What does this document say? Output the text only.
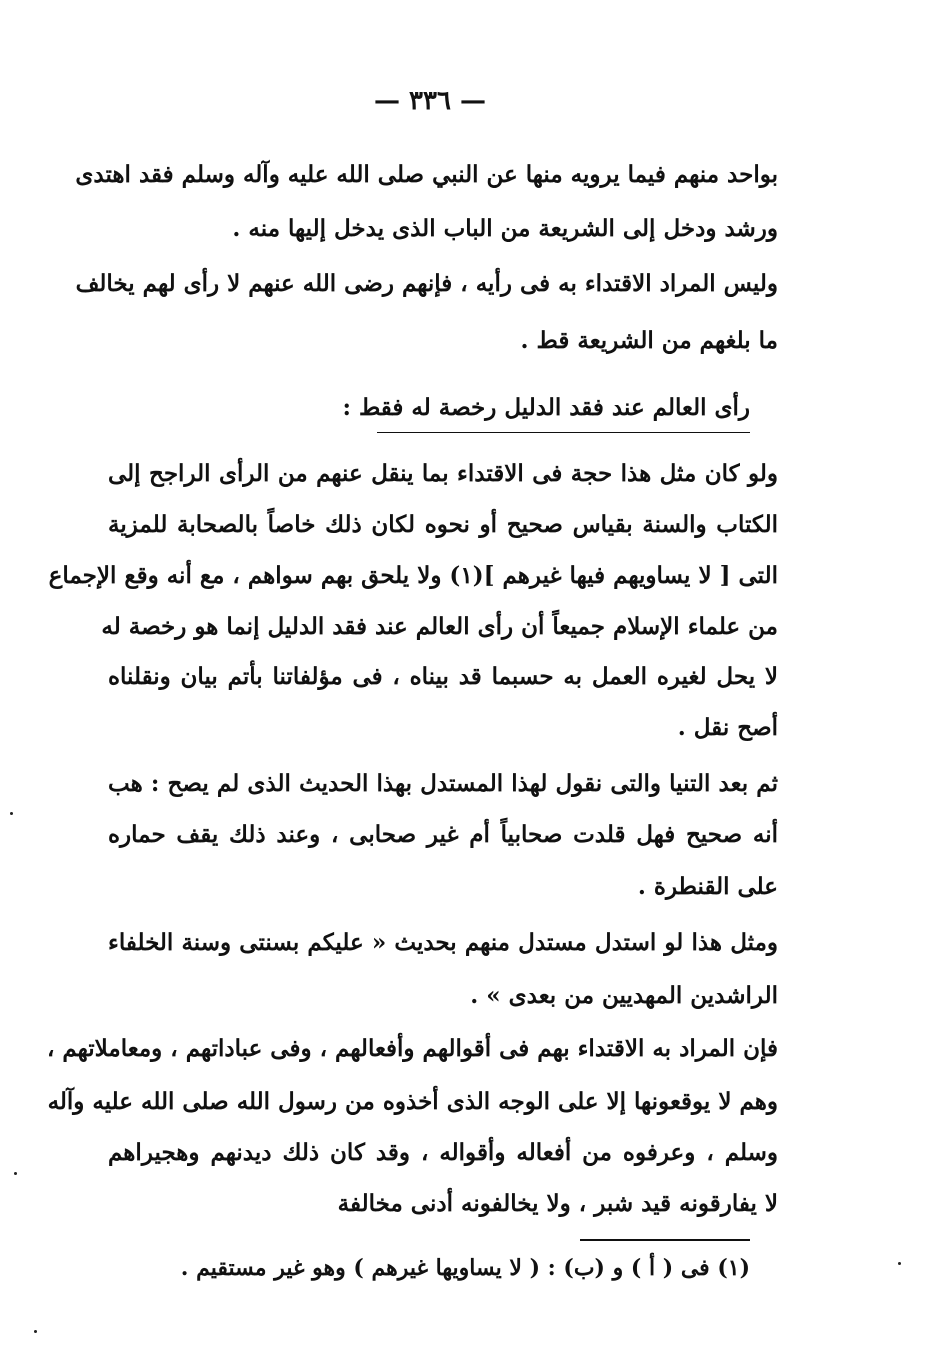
— ٣٣٦ —
بواحد منهم فيما يرويه منها عن النبي صلى الله عليه وآله وسلم فقد اهتدى
ورشد ودخل إلى الشريعة من الباب الذى يدخل إليها منه .
وليس المراد الاقتداء به فى رأيه ، فإنهم رضى الله عنهم لا رأى لهم يخالف
ما بلغهم من الشريعة قط .
رأى العالم عند فقد الدليل رخصة له فقط :
ولو كان مثل هذا حجة فى الاقتداء بما ينقل عنهم من الرأى الراجح إلى
الكتاب والسنة بقياس صحيح أو نحوه لكان ذلك خاصاً بالصحابة للمزية
التى [ لا يساويهم فيها غيرهم ](١) ولا يلحق بهم سواهم ، مع أنه وقع الإجماع
من علماء الإسلام جميعاً أن رأى العالم عند فقد الدليل إنما هو رخصة له
لا يحل لغيره العمل به حسبما قد بيناه ، فى مؤلفاتنا بأتم بيان ونقلناه
أصح نقل .
ثم بعد التنيا والتى نقول لهذا المستدل بهذا الحديث الذى لم يصح : هب
أنه صحيح فهل قلدت صحابياً أم غير صحابى ، وعند ذلك يقف حماره
على القنطرة .
ومثل هذا لو استدل مستدل منهم بحديث « عليكم بسنتى وسنة الخلفاء
الراشدين المهديين من بعدى » .
فإن المراد به الاقتداء بهم فى أقوالهم وأفعالهم ، وفى عباداتهم ، ومعاملاتهم ،
وهم لا يوقعونها إلا على الوجه الذى أخذوه من رسول الله صلى الله عليه وآله
وسلم ، وعرفوه من أفعاله وأقواله ، وقد كان ذلك ديدنهم وهجيراهم
لا يفارقونه قيد شبر ، ولا يخالفونه أدنى مخالفة
(١) فى ( أ ) و (ب) : ( لا يساويها غيرهم ) وهو غير مستقيم .
